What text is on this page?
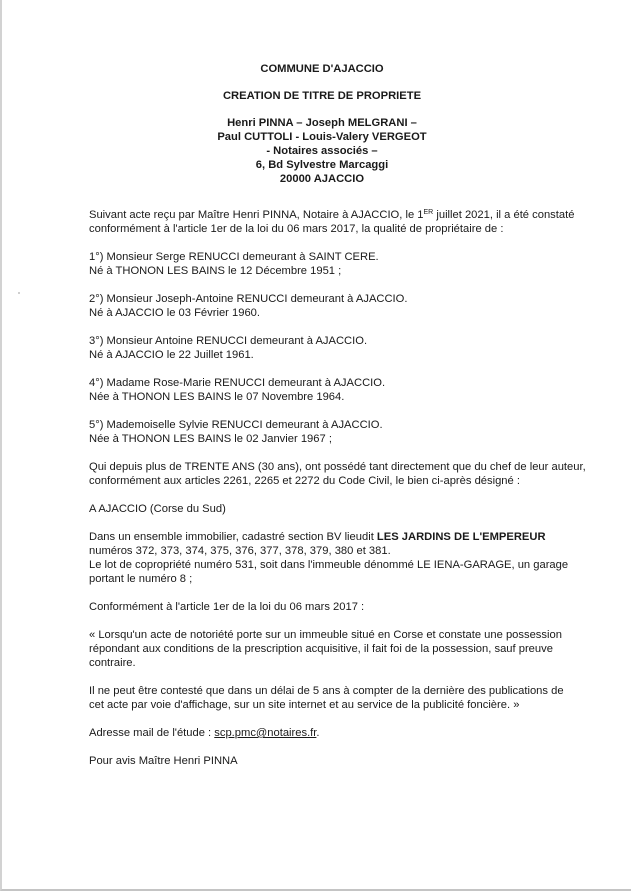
COMMUNE D'AJACCIO
CREATION DE TITRE DE PROPRIETE
Henri PINNA – Joseph MELGRANI –
Paul CUTTOLI - Louis-Valery VERGEOT
- Notaires associés –
6, Bd Sylvestre Marcaggi
20000 AJACCIO

Suivant acte reçu par Maître Henri PINNA, Notaire à AJACCIO, le 1ER juillet 2021, il a été constaté
conformément à l'article 1er de la loi du 06 mars 2017, la qualité de propriétaire de :

1°) Monsieur Serge RENUCCI demeurant à SAINT CERE.
Né à THONON LES BAINS le 12 Décembre 1951 ;

2°) Monsieur Joseph-Antoine RENUCCI demeurant à AJACCIO.
Né à AJACCIO le 03 Février 1960.

3°) Monsieur Antoine RENUCCI demeurant à AJACCIO.
Né à AJACCIO le 22 Juillet 1961.

4°) Madame Rose-Marie RENUCCI demeurant à AJACCIO.
Née à THONON LES BAINS le 07 Novembre 1964.

5°) Mademoiselle Sylvie RENUCCI demeurant à AJACCIO.
Née à THONON LES BAINS le 02 Janvier 1967 ;

Qui depuis plus de TRENTE ANS (30 ans), ont possédé tant directement que du chef de leur auteur,
conformément aux articles 2261, 2265 et 2272 du Code Civil, le bien ci-après désigné :

A AJACCIO (Corse du Sud)

Dans un ensemble immobilier, cadastré section BV lieudit LES JARDINS DE L'EMPEREUR
numéros 372, 373, 374, 375, 376, 377, 378, 379, 380 et 381.
Le lot de copropriété numéro 531, soit dans l'immeuble dénommé LE IENA-GARAGE, un garage
portant le numéro 8 ;

Conformément à l'article 1er de la loi du 06 mars 2017 :

« Lorsqu'un acte de notoriété porte sur un immeuble situé en Corse et constate une possession
répondant aux conditions de la prescription acquisitive, il fait foi de la possession, sauf preuve
contraire.

Il ne peut être contesté que dans un délai de 5 ans à compter de la dernière des publications de
cet acte par voie d'affichage, sur un site internet et au service de la publicité foncière. »

Adresse mail de l'étude : scp.pmc@notaires.fr.

Pour avis Maître Henri PINNA
